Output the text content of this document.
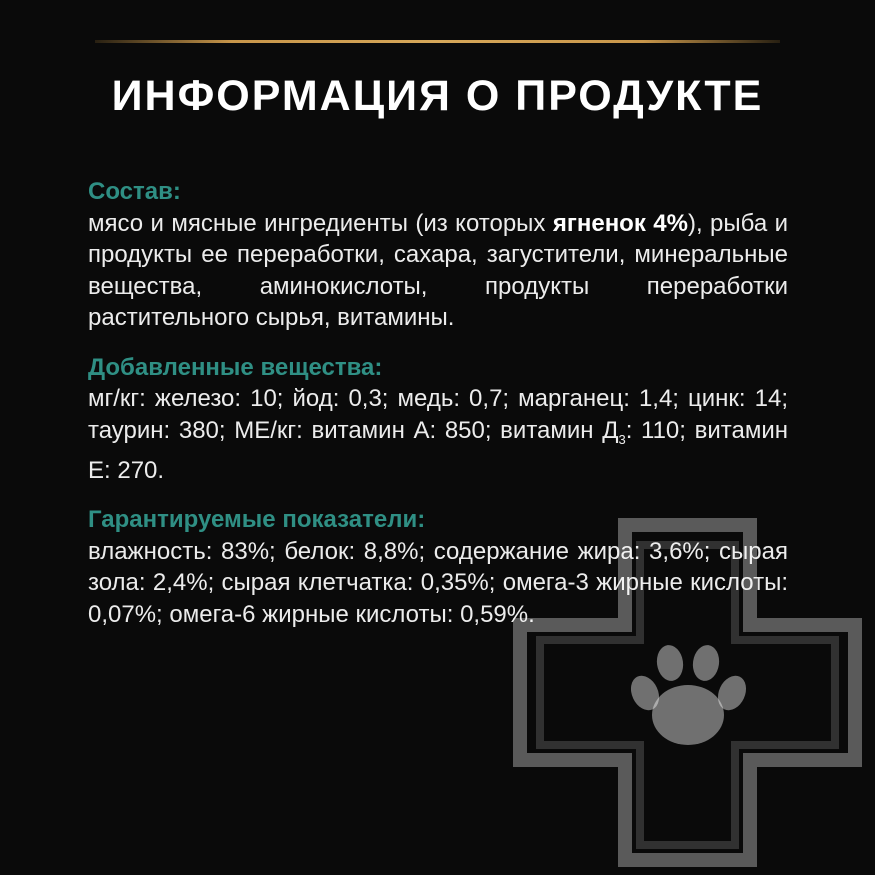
ИНФОРМАЦИЯ О ПРОДУКТЕ
Состав:
мясо и мясные ингредиенты (из которых ягненок 4%), рыба и продукты ее переработки, сахара, загустители, минеральные вещества, аминокислоты, продукты переработки растительного сырья, витамины.
Добавленные вещества:
мг/кг: железо: 10; йод: 0,3; медь: 0,7; марганец: 1,4; цинк: 14; таурин: 380; МЕ/кг: витамин А: 850; витамин $Д_3$: 110; витамин Е: 270.
Гарантируемые показатели:
влажность: 83%; белок: 8,8%; содержание жира: 3,6%; сырая зола: 2,4%; сырая клетчатка: 0,35%; омега-3 жирные кислоты: 0,07%; омега-6 жирные кислоты: 0,59%.
